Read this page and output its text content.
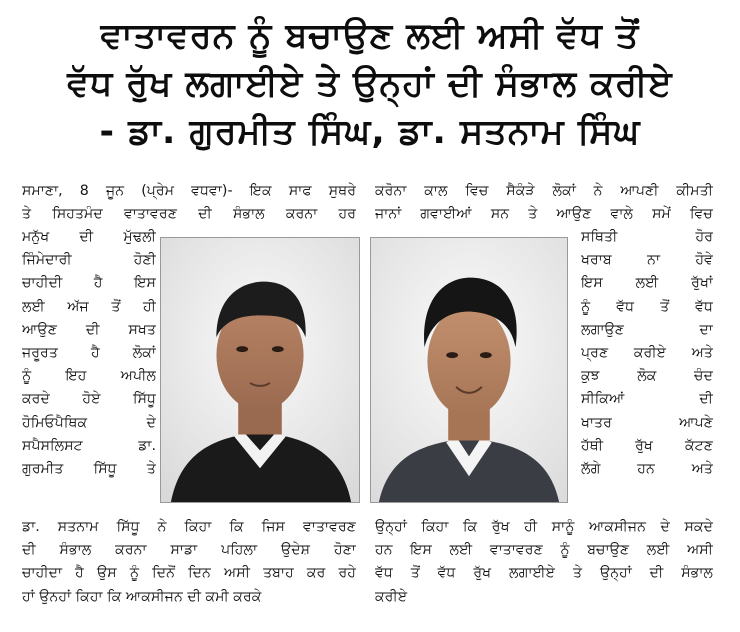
ਵਾਤਾਵਰਨ ਨੂੰ ਬਚਾਉਣ ਲਈ ਅਸੀ ਵੱਧ ਤੋਂ
ਵੱਧ ਰੁੱਖ ਲਗਾਈਏ ਤੇ ਉਨ੍ਹਾਂ ਦੀ ਸੰਭਾਲ ਕਰੀਏ
- ਡਾ. ਗੁਰਮੀਤ ਸਿੰਘ, ਡਾ. ਸਤਨਾਮ ਸਿੰਘ
ਸਮਾਣਾ, 8 ਜੂਨ (ਪ੍ਰੇਮ ਵਧਵਾ)- ਇਕ ਸਾਫ ਸੁਥਰੇ
ਤੇ ਸਿਹਤਮੰਦ ਵਾਤਾਵਰਣ ਦੀ ਸੰਭਾਲ ਕਰਨਾ ਹਰ
ਮਨੁੱਖ ਦੀ ਮੁੱਢਲੀ
ਜਿੰਮੇਦਾਰੀ ਹੋਣੀ
ਚਾਹੀਦੀ ਹੈ ਇਸ
ਲਈ ਅੱਜ ਤੋਂ ਹੀ
ਆਉਣ ਦੀ ਸਖਤ
ਜਰੂਰਤ ਹੈ ਲੋਕਾਂ
ਨੂੰ ਇਹ ਅਪੀਲ
ਕਰਦੇ ਹੋਏ ਸਿੱਧੂ
ਹੋਮਿਓਪੈਥਿਕ ਦੇ
ਸਪੈਸਲਿਸਟ ਡਾ.
ਗੁਰਮੀਤ ਸਿੱਧੂ ਤੇ
ਡਾ. ਸਤਨਾਮ ਸਿੱਧੂ ਨੇ ਕਿਹਾ ਕਿ ਜਿਸ ਵਾਤਾਵਰਣ
ਦੀ ਸੰਭਾਲ ਕਰਨਾ ਸਾਡਾ ਪਹਿਲਾ ਉਦੇਸ਼ ਹੋਣਾ
ਚਾਹੀਦਾ ਹੈ ਉਸ ਨੂੰ ਦਿਨੋਂ ਦਿਨ ਅਸੀ ਤਬਾਹ ਕਰ ਰਹੇ
ਹਾਂ ਉਨਹਾਂ ਕਿਹਾ ਕਿ ਆਕਸੀਜਨ ਦੀ ਕਮੀ ਕਰਕੇ
ਕਰੋਨਾ ਕਾਲ ਵਿਚ ਸੈਕੰੜੇ ਲੋਕਾਂ ਨੇ ਆਪਣੀ ਕੀਮਤੀ
ਜਾਨਾਂ ਗਵਾਈਆਂ ਸਨ ਤੇ ਆਉਣ ਵਾਲੇ ਸਮੇਂ ਵਿਚ
ਸਥਿਤੀ ਹੋਰ
ਖਰਾਬ ਨਾ ਹੋਵੇ
ਇਸ ਲਈ ਰੁੱਖਾਂ
ਨੂੰ ਵੱਧ ਤੋਂ ਵੱਧ
ਲਗਾਉਣ ਦਾ
ਪ੍ਰਣ ਕਰੀਏ ਅਤੇ
ਕੁਝ ਲੋਕ ਚੰਦ
ਸੀਕਿਆਂ ਦੀ
ਖਾਤਰ ਆਪਣੇ
ਹੱਥੀ ਰੁੱਖ ਕੱਟਣ
ਲੱਗੇ ਹਨ ਅਤੇ
ਉਨ੍ਹਾਂ ਕਿਹਾ ਕਿ ਰੁੱਖ ਹੀ ਸਾਨੂੰ ਆਕਸੀਜਨ ਦੇ ਸਕਦੇ
ਹਨ ਇਸ ਲਈ ਵਾਤਾਵਰਣ ਨੂੰ ਬਚਾਉਣ ਲਈ ਅਸੀ
ਵੱਧ ਤੋਂ ਵੱਧ ਰੁੱਖ ਲਗਾਈਏ ਤੇ ਉਨ੍ਹਾਂ ਦੀ ਸੰਭਾਲ
ਕਰੀਏ
